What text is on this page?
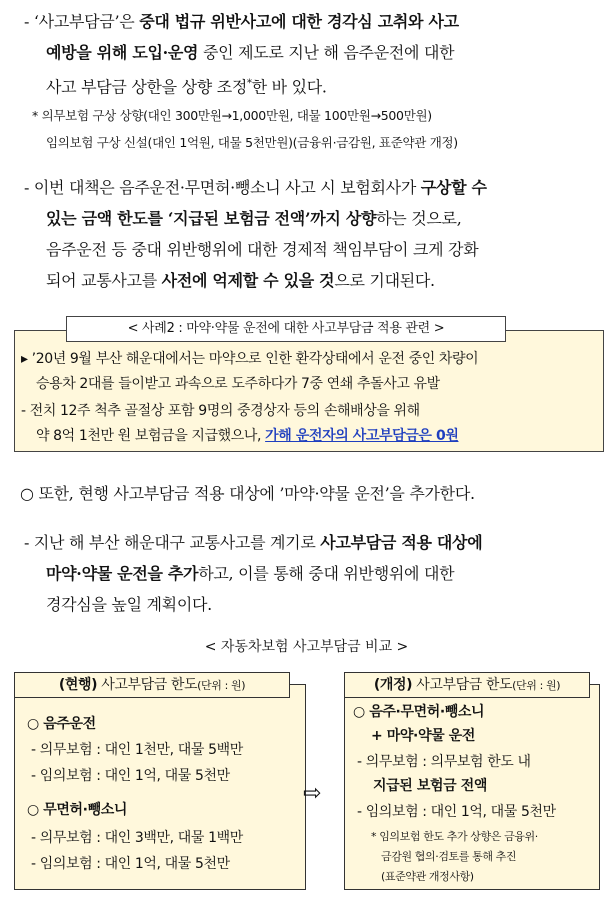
- ‘사고부담금’은 중대 법규 위반사고에 대한 경각심 고취와 사고
예방을 위해 도입·운영 중인 제도로 지난 해 음주운전에 대한
사고 부담금 상한을 상향 조정*한 바 있다.
* 의무보험 구상 상향(대인 300만원→1,000만원, 대물 100만원→500만원)
임의보험 구상 신설(대인 1억원, 대물 5천만원)(금융위·금감원, 표준약관 개정)
- 이번 대책은 음주운전·무면허·뺑소니 사고 시 보험회사가 구상할 수
있는 금액 한도를 ‘지급된 보험금 전액’까지 상향하는 것으로,
음주운전 등 중대 위반행위에 대한 경제적 책임부담이 크게 강화
되어 교통사고를 사전에 억제할 수 있을 것으로 기대된다.
▸ ’20년 9월 부산 해운대에서는 마약으로 인한 환각상태에서 운전 중인 차량이
승용차 2대를 들이받고 과속으로 도주하다가 7중 연쇄 추돌사고 유발
- 전치 12주 척추 골절상 포함 9명의 중경상자 등의 손해배상을 위해
약 8억 1천만 원 보험금을 지급했으나, 가해 운전자의 사고부담금은 0원
< 사례2 : 마약·약물 운전에 대한 사고부담금 적용 관련 >
○ 또한, 현행 사고부담금 적용 대상에 ’마약·약물 운전’을 추가한다.
- 지난 해 부산 해운대구 교통사고를 계기로 사고부담금 적용 대상에
마약·약물 운전을 추가하고, 이를 통해 중대 위반행위에 대한
경각심을 높일 계획이다.
< 자동차보험 사고부담금 비교 >
○ 음주운전
- 의무보험 : 대인 1천만, 대물 5백만
- 임의보험 : 대인 1억, 대물 5천만
○ 무면허·뺑소니
- 의무보험 : 대인 3백만, 대물 1백만
- 임의보험 : 대인 1억, 대물 5천만
(현행) 사고부담금 한도(단위 : 원)
⇨
○ 음주·무면허·뺑소니
+ 마약·약물 운전
- 의무보험 : 의무보험 한도 내
지급된 보험금 전액
- 임의보험 : 대인 1억, 대물 5천만
* 임의보험 한도 추가 상향은 금융위·
금감원 협의·검토를 통해 추진
(표준약관 개정사항)
(개정) 사고부담금 한도(단위 : 원)
